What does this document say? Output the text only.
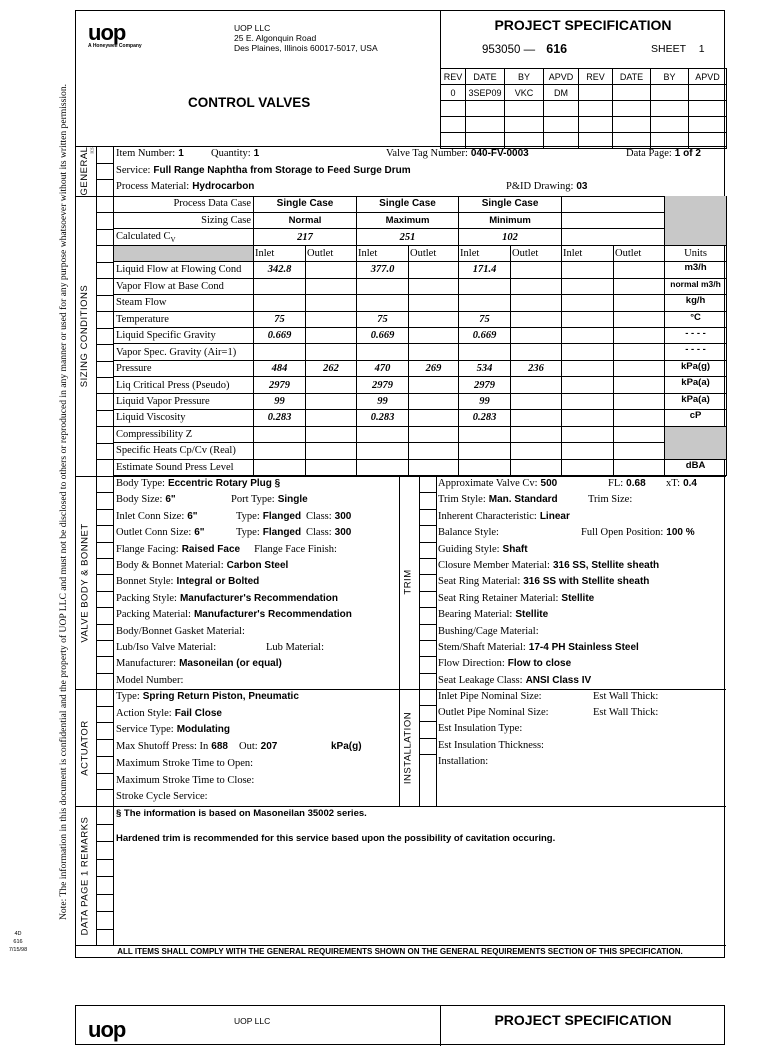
Note: The information in this document is confidential and the property of UOP LLC and must not be disclosed to others or reproduced in any manner or used for any purpose whatsoever without its written permission.
4D
616
7/15/98
uop
A Honeywell Company
UOP LLC
25 E. Algonquin Road
Des Plaines, Illinois 60017-5017, USA
CONTROL VALVES
PROJECT SPECIFICATION
953050 — 616	SHEET 1
REV	DATE	BY	APVD	REV	DATE	BY	APVD
0	3SEP09	VKC	DM				

GENERAL ICS Item Number: 1	Quantity: 1	Valve Tag Number: 040-FV-0003	Data Page: 1 of 2
Service: Full Range Naphtha from Storage to Feed Surge Drum
Process Material: Hydrocarbon	P&ID Drawing: 03
SIZING CONDITIONS
Process Data Case	Single Case		Single Case		Single Case				
Sizing Case	Normal		Maximum		Minimum				
Calculated $C_V$	217		251		102				
	Inlet	Outlet	Inlet	Outlet	Inlet	Outlet	Inlet	Outlet	Units
Liquid Flow at Flowing Cond	342.8		377.0		171.4				m3/h
Vapor Flow at Base Cond									normal m3/h
Steam Flow									kg/h
Temperature	75		75		75				°C
Liquid Specific Gravity	0.669		0.669		0.669				- - - -
Vapor Spec. Gravity (Air=1)									- - - -
Pressure	484	262	470	269	534	236			kPa(g)
Liq Critical Press (Pseudo)	2979		2979		2979				kPa(a)
Liquid Vapor Pressure	99		99		99				kPa(a)
Liquid Viscosity	0.283		0.283		0.283				cP
Compressibility Z									
Specific Heats Cp/Cv (Real)									
Estimate Sound Press Level									dBA
VALVE BODY & BONNET
Body Type: Eccentric Rotary Plug §
Body Size: 6"	Port Type: Single
Inlet Conn Size: 6"	Type: Flanged Class: 300
Outlet Conn Size: 6"	Type: Flanged Class: 300
Flange Facing: Raised Face Flange Face Finish:
Body & Bonnet Material: Carbon Steel
Bonnet Style: Integral or Bolted
Packing Style: Manufacturer's Recommendation
Packing Material: Manufacturer's Recommendation
Body/Bonnet Gasket Material:
Lub/Iso Valve Material:	Lub Material:
Manufacturer: Masoneilan (or equal)
Model Number:
TRIM
Approximate Valve Cv: 500	FL: 0.68	xT: 0.4
Trim Style: Man. Standard	Trim Size:
Inherent Characteristic: Linear
Balance Style:	Full Open Position: 100 %
Guiding Style: Shaft
Closure Member Material: 316 SS, Stellite sheath
Seat Ring Material: 316 SS with Stellite sheath
Seat Ring Retainer Material: Stellite
Bearing Material: Stellite
Bushing/Cage Material:
Stem/Shaft Material: 17-4 PH Stainless Steel
Flow Direction: Flow to close
Seat Leakage Class: ANSI Class IV
ACTUATOR
Type: Spring Return Piston, Pneumatic
Action Style: Fail Close
Service Type: Modulating
Max Shutoff Press: In 688	Out: 207	kPa(g)
Maximum Stroke Time to Open:
Maximum Stroke Time to Close:
Stroke Cycle Service:
INSTALLATION
Inlet Pipe Nominal Size:	Est Wall Thick:
Outlet Pipe Nominal Size:	Est Wall Thick:
Est Insulation Type:
Est Insulation Thickness:
Installation:
DATA PAGE 1 REMARKS
§ The information is based on Masoneilan 35002 series.
Hardened trim is recommended for this service based upon the possibility of cavitation occuring.
ALL ITEMS SHALL COMPLY WITH THE GENERAL REQUIREMENTS SHOWN ON THE GENERAL REQUIREMENTS SECTION OF THIS SPECIFICATION.
uop	UOP LLC	PROJECT SPECIFICATION
